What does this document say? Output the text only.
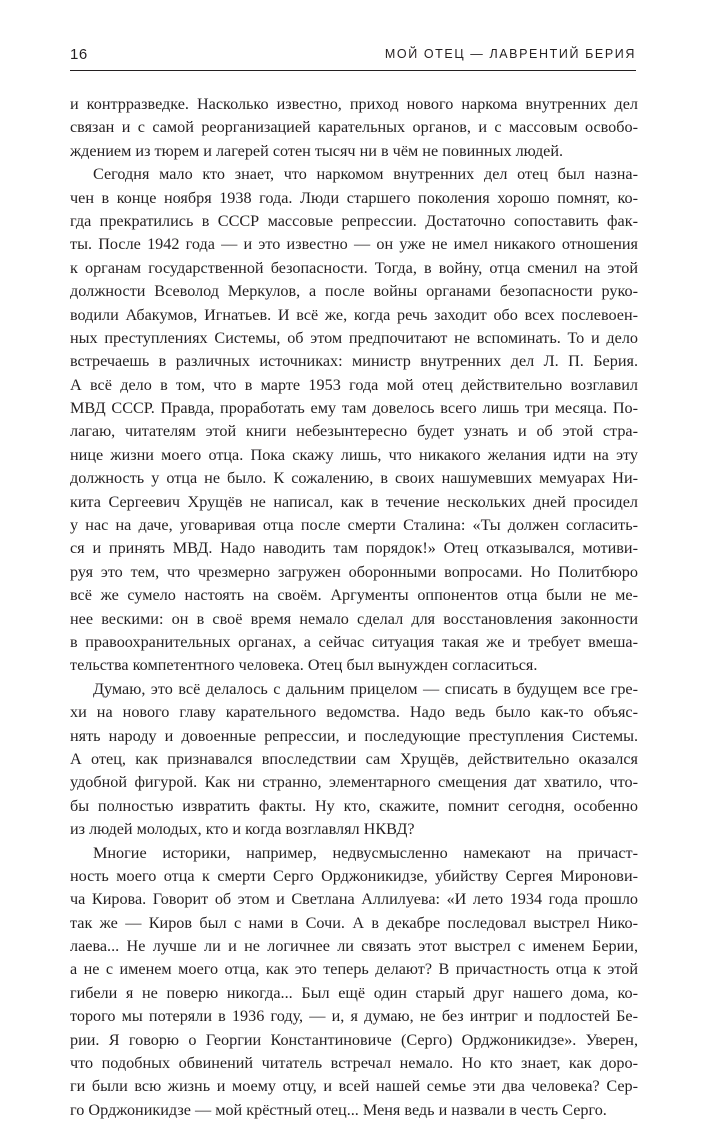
16	МОЙ ОТЕЦ — ЛАВРЕНТИЙ БЕРИЯ
и контрразведке. Насколько известно, приход нового наркома внутренних дел
связан и с самой реорганизацией карательных органов, и с массовым освобо-
ждением из тюрем и лагерей сотен тысяч ни в чём не повинных людей.
Сегодня мало кто знает, что наркомом внутренних дел отец был назна-
чен в конце ноября 1938 года. Люди старшего поколения хорошо помнят, ко-
гда прекратились в СССР массовые репрессии. Достаточно сопоставить фак-
ты. После 1942 года — и это известно — он уже не имел никакого отношения
к органам государственной безопасности. Тогда, в войну, отца сменил на этой
должности Всеволод Меркулов, а после войны органами безопасности руко-
водили Абакумов, Игнатьев. И всё же, когда речь заходит обо всех послевоен-
ных преступлениях Системы, об этом предпочитают не вспоминать. То и дело
встречаешь в различных источниках: министр внутренних дел Л. П. Берия.
А всё дело в том, что в марте 1953 года мой отец действительно возглавил
МВД СССР. Правда, проработать ему там довелось всего лишь три месяца. По-
лагаю, читателям этой книги небезынтересно будет узнать и об этой стра-
нице жизни моего отца. Пока скажу лишь, что никакого желания идти на эту
должность у отца не было. К сожалению, в своих нашумевших мемуарах Ни-
кита Сергеевич Хрущёв не написал, как в течение нескольких дней просидел
у нас на даче, уговаривая отца после смерти Сталина: «Ты должен согласить-
ся и принять МВД. Надо наводить там порядок!» Отец отказывался, мотиви-
руя это тем, что чрезмерно загружен оборонными вопросами. Но Политбюро
всё же сумело настоять на своём. Аргументы оппонентов отца были не ме-
нее вескими: он в своё время немало сделал для восстановления законности
в правоохранительных органах, а сейчас ситуация такая же и требует вмеша-
тельства компетентного человека. Отец был вынужден согласиться.
Думаю, это всё делалось с дальним прицелом — списать в будущем все гре-
хи на нового главу карательного ведомства. Надо ведь было как-то объяс-
нять народу и довоенные репрессии, и последующие преступления Системы.
А отец, как признавался впоследствии сам Хрущёв, действительно оказался
удобной фигурой. Как ни странно, элементарного смещения дат хватило, что-
бы полностью извратить факты. Ну кто, скажите, помнит сегодня, особенно
из людей молодых, кто и когда возглавлял НКВД?
Многие историки, например, недвусмысленно намекают на причаст-
ность моего отца к смерти Серго Орджоникидзе, убийству Сергея Миронови-
ча Кирова. Говорит об этом и Светлана Аллилуева: «И лето 1934 года прошло
так же — Киров был с нами в Сочи. А в декабре последовал выстрел Нико-
лаева... Не лучше ли и не логичнее ли связать этот выстрел с именем Берии,
а не с именем моего отца, как это теперь делают? В причастность отца к этой
гибели я не поверю никогда... Был ещё один старый друг нашего дома, ко-
торого мы потеряли в 1936 году, — и, я думаю, не без интриг и подлостей Бе-
рии. Я говорю о Георгии Константиновиче (Серго) Орджоникидзе». Уверен,
что подобных обвинений читатель встречал немало. Но кто знает, как доро-
ги были всю жизнь и моему отцу, и всей нашей семье эти два человека? Сер-
го Орджоникидзе — мой крёстный отец... Меня ведь и назвали в честь Серго.
